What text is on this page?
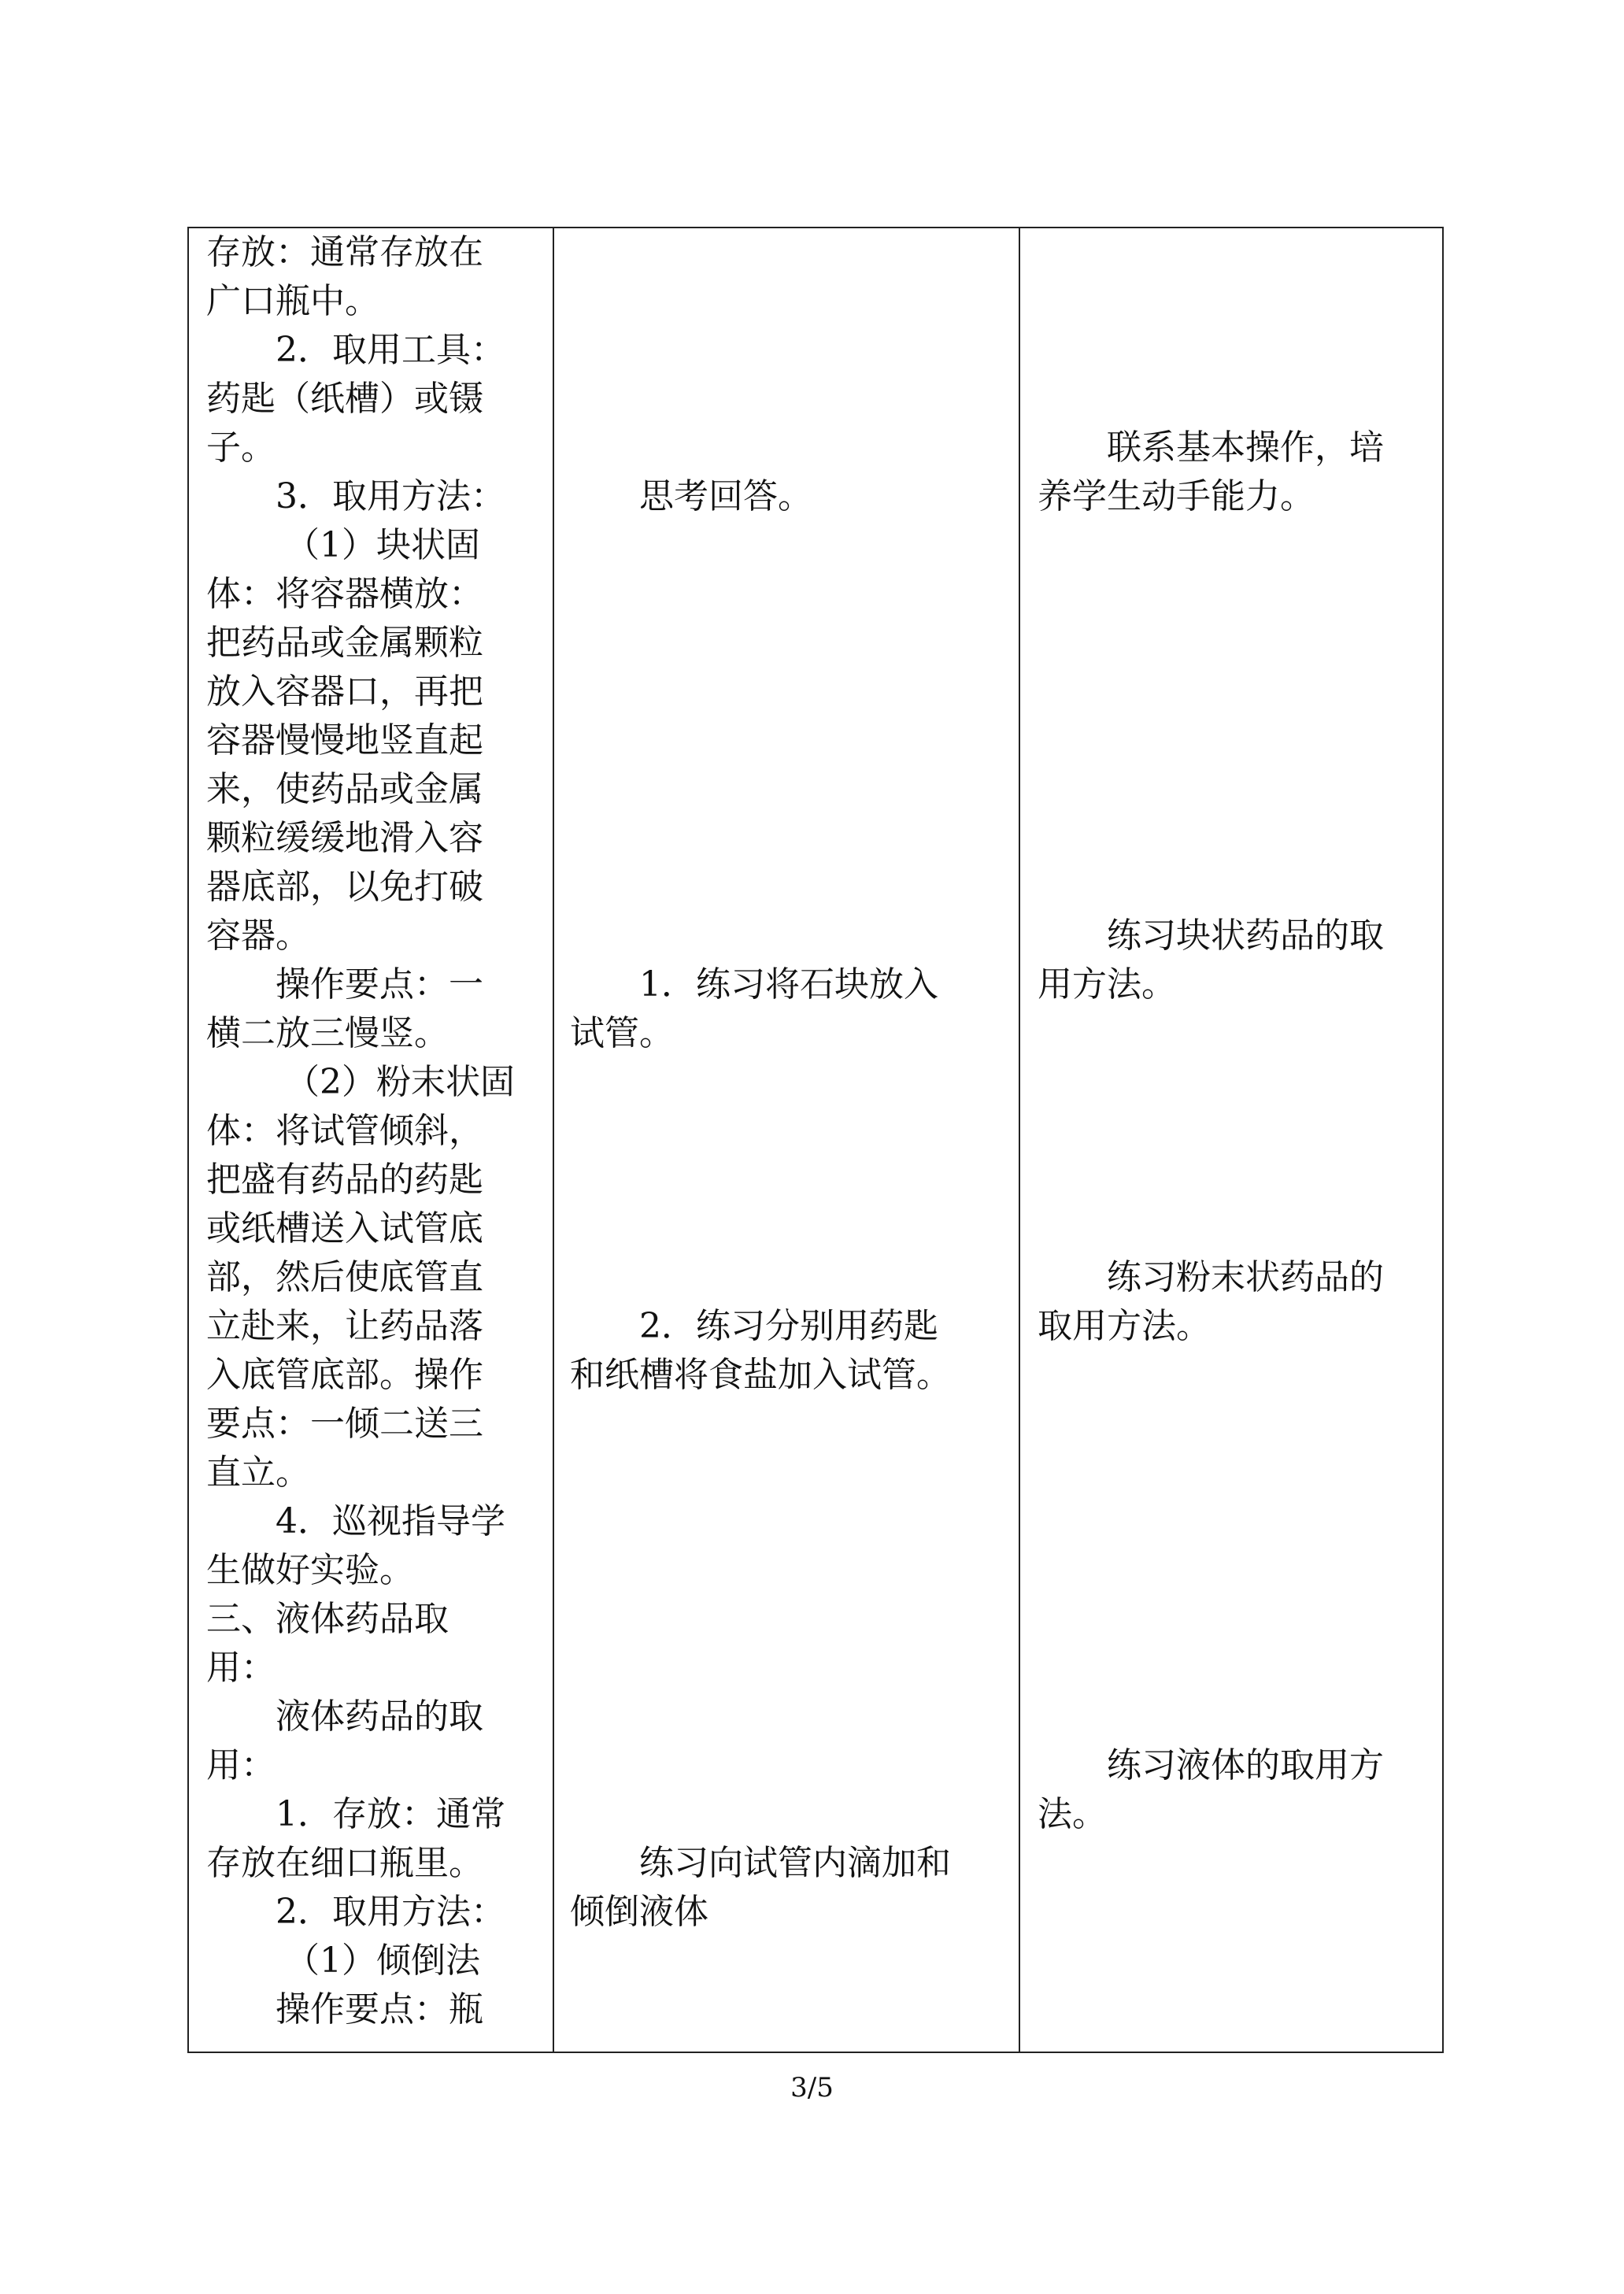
存放：通常存放在

广口瓶中。

2．取用工具：

药匙（纸槽）或镊

子。

3．取用方法：

（1）块状固

体：将容器横放：

把药品或金属颗粒

放入容器口，再把

容器慢慢地竖直起

来，使药品或金属

颗粒缓缓地滑入容

器底部，以免打破

容器。

操作要点：一

横二放三慢竖。

（2）粉末状固

体：将试管倾斜，

把盛有药品的药匙

或纸槽送入试管底

部，然后使底管直

立赴来，让药品落

入底管底部。操作

要点：一倾二送三

直立。

4．巡视指导学

生做好实验。

三、液体药品取

用：

液体药品的取

用：

1．存放：通常

存放在细口瓶里。

2．取用方法：

（1）倾倒法

操作要点：瓶

思考回答。

1．练习将石块放入

试管。

2．练习分别用药匙

和纸槽将食盐加入试管。

练习向试管内滴加和

倾倒液体

联系基本操作，培

养学生动手能力。

练习块状药品的取

用方法。

练习粉末状药品的

取用方法。

练习液体的取用方

法。

3/5
